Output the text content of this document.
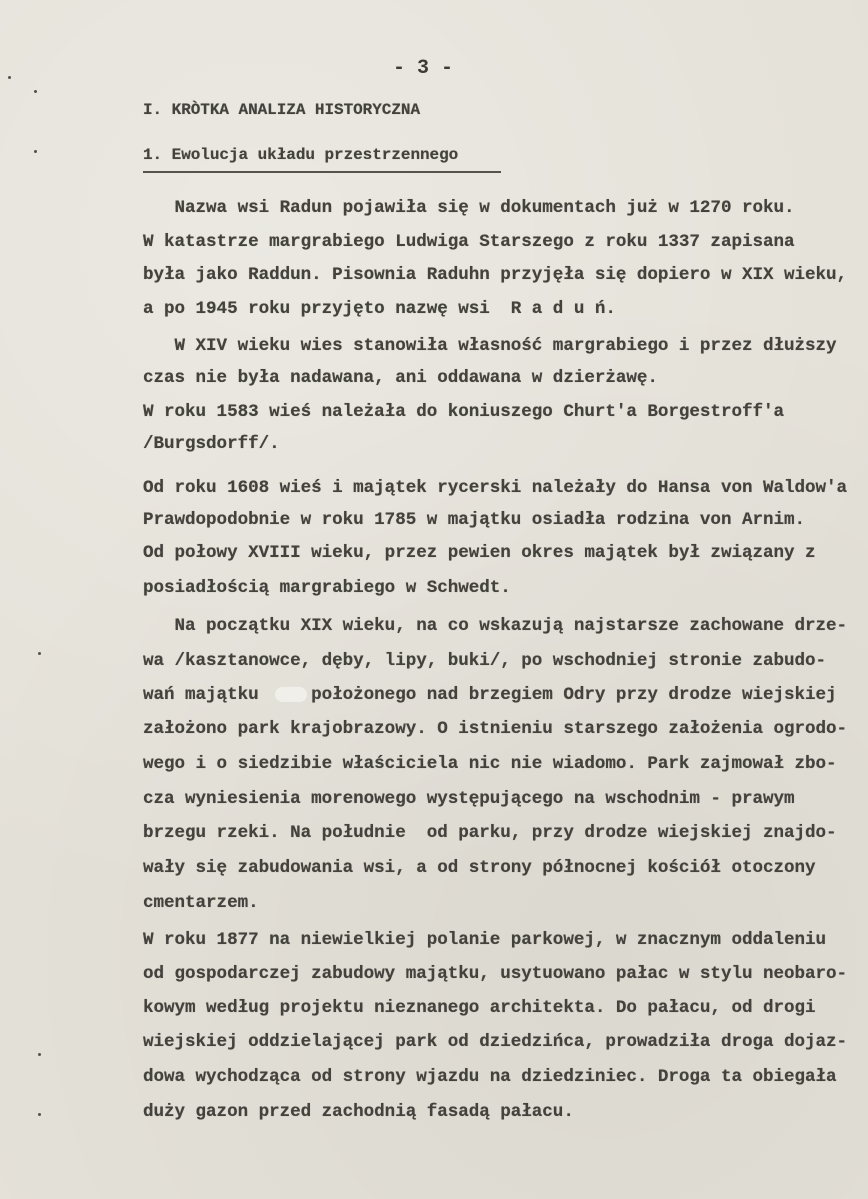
- 3 -
I. KRÒTKA ANALIZA HISTORYCZNA
1. Ewolucja układu przestrzennego
Nazwa wsi Radun pojawiła się w dokumentach już w 1270 roku.
W katastrze margrabiego Ludwiga Starszego z roku 1337 zapisana
była jako Raddun. Pisownia Raduhn przyjęła się dopiero w XIX wieku,
a po 1945 roku przyjęto nazwę wsi  R a d u ń.
W XIV wieku wies stanowiła własność margrabiego i przez dłuższy
czas nie była nadawana, ani oddawana w dzierżawę.
W roku 1583 wieś należała do koniuszego Churt'a Borgestroff'a
/Burgsdorff/.
Od roku 1608 wieś i majątek rycerski należały do Hansa von Waldow'a
Prawdopodobnie w roku 1785 w majątku osiadła rodzina von Arnim.
Od połowy XVIII wieku, przez pewien okres majątek był związany z
posiadłością margrabiego w Schwedt.
Na początku XIX wieku, na co wskazują najstarsze zachowane drze-
wa /kasztanowce, dęby, lipy, buki/, po wschodniej stronie zabudo-
wań majątku     położonego nad brzegiem Odry przy drodze wiejskiej
założono park krajobrazowy. O istnieniu starszego założenia ogrodo-
wego i o siedzibie właściciela nic nie wiadomo. Park zajmował zbo-
cza wyniesienia morenowego występującego na wschodnim - prawym
brzegu rzeki. Na południe  od parku, przy drodze wiejskiej znajdo-
wały się zabudowania wsi, a od strony północnej kościół otoczony
cmentarzem.
W roku 1877 na niewielkiej polanie parkowej, w znacznym oddaleniu
od gospodarczej zabudowy majątku, usytuowano pałac w stylu neobaro-
kowym według projektu nieznanego architekta. Do pałacu, od drogi
wiejskiej oddzielającej park od dziedzińca, prowadziła droga dojaz-
dowa wychodząca od strony wjazdu na dziedziniec. Droga ta obiegała
duży gazon przed zachodnią fasadą pałacu.
